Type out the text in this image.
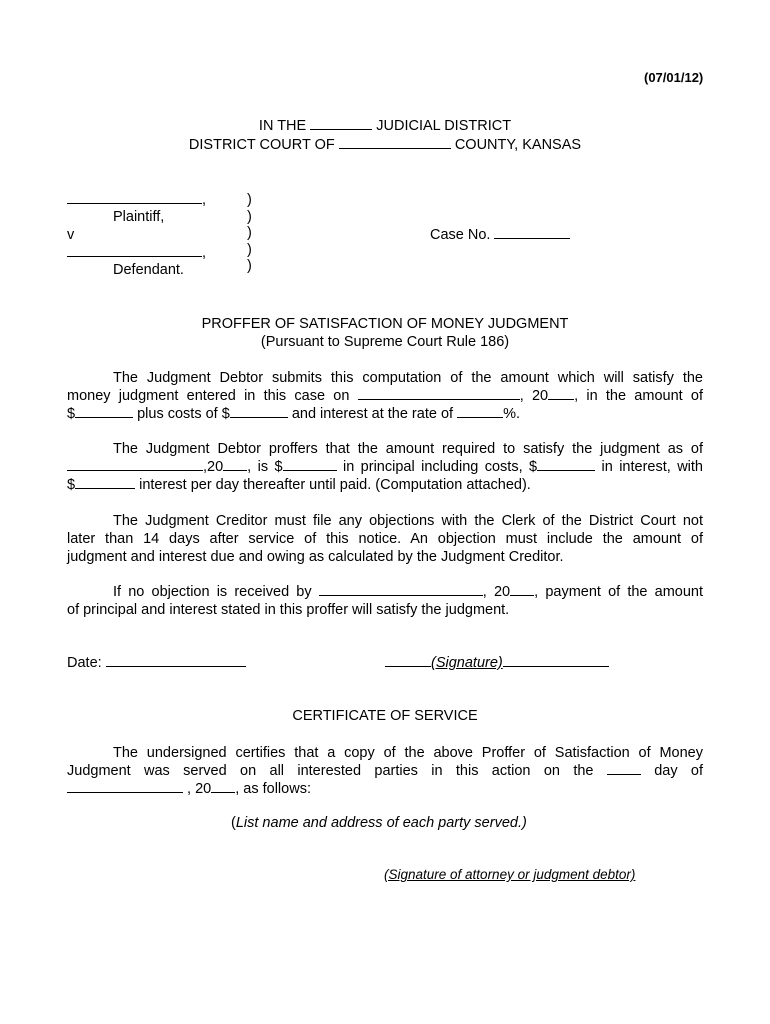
(07/01/12)
IN THE	JUDICIAL DISTRICT
DISTRICT COURT OF	COUNTY, KANSAS
,
Plaintiff,
v
,
Defendant.
)
)
)
)
)
Case No.
PROFFER OF SATISFACTION OF MONEY JUDGMENT
(Pursuant to Supreme Court Rule 186)
The Judgment Debtor submits this computation of the amount which will satisfy the
money judgment entered in this case on	, 20 , in the amount of
$	plus costs of $	and interest at the rate of	%.
The Judgment Debtor proffers that the amount required to satisfy the judgment as of
,20 , is $	in principal including costs, $	in interest, with
$	interest per day thereafter until paid. (Computation attached).
The Judgment Creditor must file any objections with the Clerk of the District Court not
later than 14 days after service of this notice. An objection must include the amount of
judgment and interest due and owing as calculated by the Judgment Creditor.
If no objection is received by	, 20 , payment of the amount
of principal and interest stated in this proffer will satisfy the judgment.
Date:	(Signature)
CERTIFICATE OF SERVICE
The undersigned certifies that a copy of the above Proffer of Satisfaction of Money
Judgment was served on all interested parties in this action on the	day of
, 20 , as follows:
(List name and address of each party served.)
(Signature of attorney or judgment debtor)
